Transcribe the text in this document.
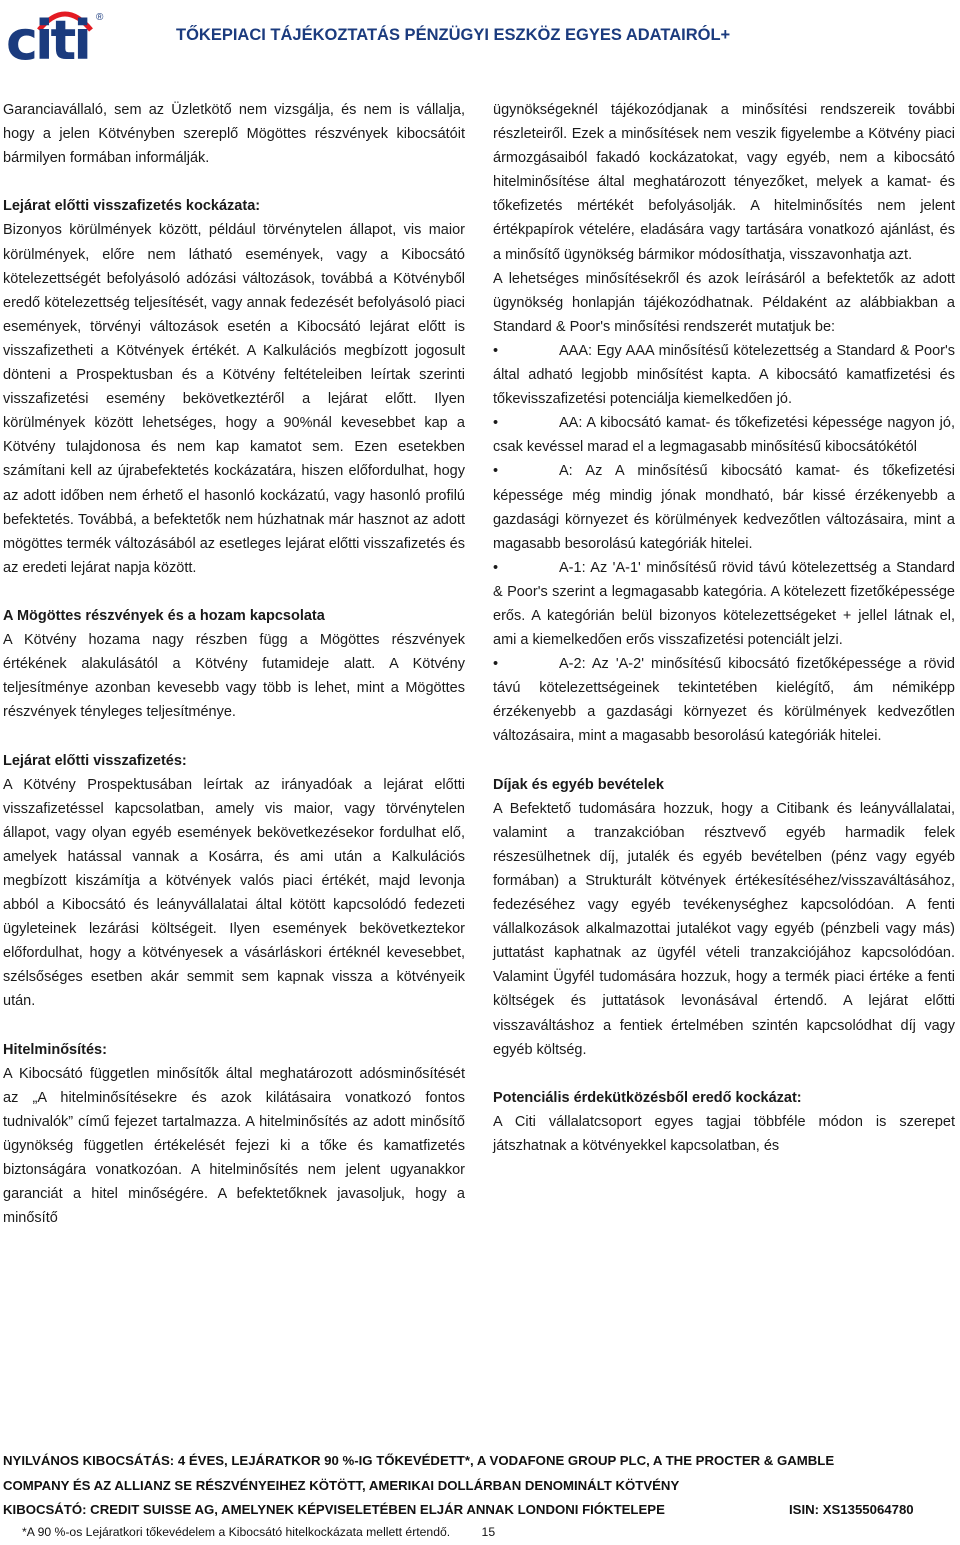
citi ®
TŐKEPIACI TÁJÉKOZTATÁS PÉNZÜGYI ESZKÖZ EGYES ADATAIRÓL+

Garanciavállaló, sem az Üzletkötő nem vizsgálja, és nem is vállalja, hogy a jelen Kötvényben szereplő Mögöttes részvények kibocsátóit bármilyen formában informálják.

Lejárat előtti visszafizetés kockázata:

Bizonyos körülmények között, például törvénytelen állapot, vis maior körülmények, előre nem látható események, vagy a Kibocsátó kötelezettségét befolyásoló adózási változások, továbbá a Kötvényből eredő kötelezettség teljesítését, vagy annak fedezését befolyásoló piaci események, törvényi változások esetén a Kibocsátó lejárat előtt is visszafizetheti a Kötvények értékét. A Kalkulációs megbízott jogosult dönteni a Prospektusban és a Kötvény feltételeiben leírtak szerinti visszafizetési esemény bekövetkeztéről a lejárat előtt. Ilyen körülmények között lehetséges, hogy a 90%nál kevesebbet kap a Kötvény tulajdonosa és nem kap kamatot sem. Ezen esetekben számítani kell az újrabefektetés kockázatára, hiszen előfordulhat, hogy az adott időben nem érhető el hasonló kockázatú, vagy hasonló profilú befektetés. Továbbá, a befektetők nem húzhatnak már hasznot az adott mögöttes termék változásából az esetleges lejárat előtti visszafizetés és az eredeti lejárat napja között.

A Mögöttes részvények és a hozam kapcsolata

A Kötvény hozama nagy részben függ a Mögöttes részvények értékének alakulásától a Kötvény futamideje alatt. A Kötvény teljesítménye azonban kevesebb vagy több is lehet, mint a Mögöttes részvények tényleges teljesítménye.

Lejárat előtti visszafizetés:

A Kötvény Prospektusában leírtak az irányadóak a lejárat előtti visszafizetéssel kapcsolatban, amely vis maior, vagy törvénytelen állapot, vagy olyan egyéb események bekövetkezésekor fordulhat elő, amelyek hatással vannak a Kosárra, és ami után a Kalkulációs megbízott kiszámítja a kötvények valós piaci értékét, majd levonja abból a Kibocsátó és leányvállalatai által kötött kapcsolódó fedezeti ügyleteinek lezárási költségeit. Ilyen események bekövetkeztekor előfordulhat, hogy a kötvényesek a vásárláskori értéknél kevesebbet, szélsőséges esetben akár semmit sem kapnak vissza a kötvényeik után.

Hitelminősítés:

A Kibocsátó független minősítők által meghatározott adósminősítését az „A hitelminősítésekre és azok kilátásaira vonatkozó fontos tudnivalók” című fejezet tartalmazza. A hitelminősítés az adott minősítő ügynökség független értékelését fejezi ki a tőke és kamatfizetés biztonságára vonatkozóan. A hitelminősítés nem jelent ugyanakkor garanciát a hitel minőségére. A befektetőknek javasoljuk, hogy a minősítő

ügynökségeknél tájékozódjanak a minősítési rendszereik további részleteiről. Ezek a minősítések nem veszik figyelembe a Kötvény piaci ármozgásaiból fakadó kockázatokat, vagy egyéb, nem a kibocsátó hitelminősítése által meghatározott tényezőket, melyek a kamat- és tőkefizetés mértékét befolyásolják. A hitelminősítés nem jelent értékpapírok vételére, eladására vagy tartására vonatkozó ajánlást, és a minősítő ügynökség bármikor módosíthatja, visszavonhatja azt.

A lehetséges minősítésekről és azok leírásáról a befektetők az adott ügynökség honlapján tájékozódhatnak. Példaként az alábbiakban a Standard & Poor's minősítési rendszerét mutatjuk be:

•	AAA: Egy AAA minősítésű kötelezettség a Standard & Poor's által adható legjobb minősítést kapta. A kibocsátó kamatfizetési és tőkevisszafizetési potenciálja kiemelkedően jó.

•	AA: A kibocsátó kamat- és tőkefizetési képessége nagyon jó, csak kevéssel marad el a legmagasabb minősítésű kibocsátókétól

•	A: Az A minősítésű kibocsátó kamat- és tőkefizetési képessége még mindig jónak mondható, bár kissé érzékenyebb a gazdasági környezet és körülmények kedvezőtlen változásaira, mint a magasabb besorolású kategóriák hitelei.

•	A-1: Az 'A-1' minősítésű rövid távú kötelezettség a Standard & Poor's szerint a legmagasabb kategória. A kötelezett fizetőképessége erős. A kategórián belül bizonyos kötelezettségeket + jellel látnak el, ami a kiemelkedően erős visszafizetési potenciált jelzi.

•	A-2: Az 'A-2' minősítésű kibocsátó fizetőképessége a rövid távú kötelezettségeinek tekintetében kielégítő, ám némiképp érzékenyebb a gazdasági környezet és körülmények kedvezőtlen változásaira, mint a magasabb besorolású kategóriák hitelei.

Díjak és egyéb bevételek

A Befektető tudomására hozzuk, hogy a Citibank és leányvállalatai, valamint a tranzakcióban résztvevő egyéb harmadik felek részesülhetnek díj, jutalék és egyéb bevételben (pénz vagy egyéb formában) a Strukturált kötvények értékesítéséhez/visszaváltásához, fedezéséhez vagy egyéb tevékenységhez kapcsolódóan. A fenti vállalkozások alkalmazottai jutalékot vagy egyéb (pénzbeli vagy más) juttatást kaphatnak az ügyfél vételi tranzakciójához kapcsolódóan. Valamint Ügyfél tudomására hozzuk, hogy a termék piaci értéke a fenti költségek és juttatások levonásával értendő. A lejárat előtti visszaváltáshoz a fentiek értelmében szintén kapcsolódhat díj vagy egyéb költség.

Potenciális érdekütközésből eredő kockázat:

A Citi vállalatcsoport egyes tagjai többféle módon is szerepet játszhatnak a kötvényekkel kapcsolatban, és

NYILVÁNOS KIBOCSÁTÁS: 4 ÉVES, LEJÁRATKOR 90 %-IG TŐKEVÉDETT*, A VODAFONE GROUP PLC, A THE PROCTER & GAMBLE
COMPANY ÉS AZ ALLIANZ SE RÉSZVÉNYEIHEZ KÖTÖTT, AMERIKAI DOLLÁRBAN DENOMINÁLT KÖTVÉNY
KIBOCSÁTÓ: CREDIT SUISSE AG, AMELYNEK KÉPVISELETÉBEN ELJÁR ANNAK LONDONI FIÓKTELEPE	ISIN: XS1355064780
*A 90 %-os Lejáratkori tőkevédelem a Kibocsátó hitelkockázata mellett értendő.	15
